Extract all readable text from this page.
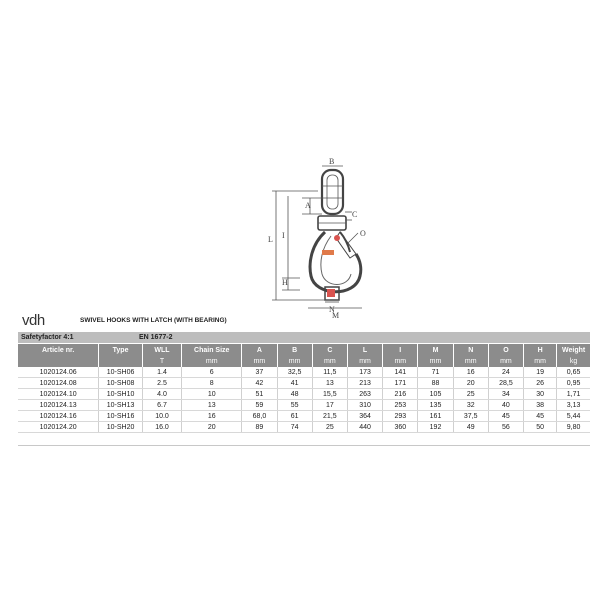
B
A
C
O
L I
H
N
M
vdh	SWIVEL HOOKS WITH LATCH (WITH BEARING)
Safetyfactor 4:1	EN 1677-2
Article nr.	Type	WLL	Chain Size	A	B	C	L	I	M	N	O	H	Weight
		T	mm	mm	mm	mm	mm	mm	mm	mm	mm	mm	kg
1020124.06	10-SH06	1.4	6	37	32,5	11,5	173	141	71	16	24	19	0,65
1020124.08	10-SH08	2.5	8	42	41	13	213	171	88	20	28,5	26	0,95
1020124.10	10-SH10	4.0	10	51	48	15,5	263	216	105	25	34	30	1,71
1020124.13	10-SH13	6.7	13	59	55	17	310	253	135	32	40	38	3,13
1020124.16	10-SH16	10.0	16	68,0	61	21,5	364	293	161	37,5	45	45	5,44
1020124.20	10-SH20	16.0	20	89	74	25	440	360	192	49	56	50	9,80
